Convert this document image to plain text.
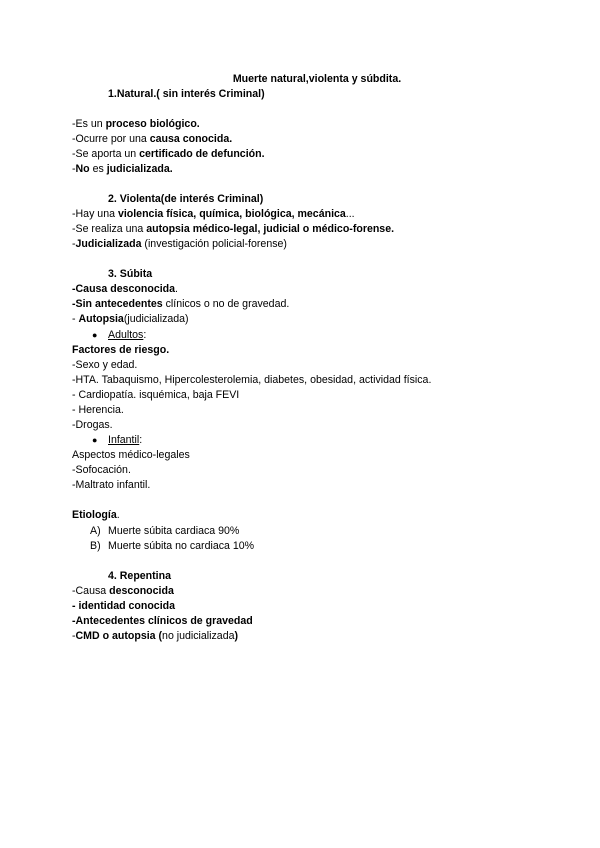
Muerte natural,violenta y súbdita.
1.Natural.( sin interés Criminal)
-Es un proceso biológico.
-Ocurre por una causa conocida.
-Se aporta un certificado de defunción.
-No es judicializada.
2. Violenta(de interés Criminal)
-Hay una violencia física, química, biológica, mecánica...
-Se realiza una autopsia médico-legal, judicial o médico-forense.
-Judicializada (investigación policial-forense)
3. Súbita
-Causa desconocida.
-Sin antecedentes clínicos o no de gravedad.
- Autopsia(judicializada)
● Adultos:
Factores de riesgo.
-Sexo y edad.
-HTA. Tabaquismo, Hipercolesterolemia, diabetes, obesidad, actividad física.
- Cardiopatía. isquémica, baja FEVI
- Herencia.
-Drogas.
● Infantil:
Aspectos médico-legales
-Sofocación.
-Maltrato infantil.
Etiología.
A) Muerte súbita cardiaca 90%
B) Muerte súbita no cardiaca 10%
4. Repentina
-Causa desconocida
- identidad conocida
-Antecedentes clínicos de gravedad
-CMD o autopsia (no judicializada)
